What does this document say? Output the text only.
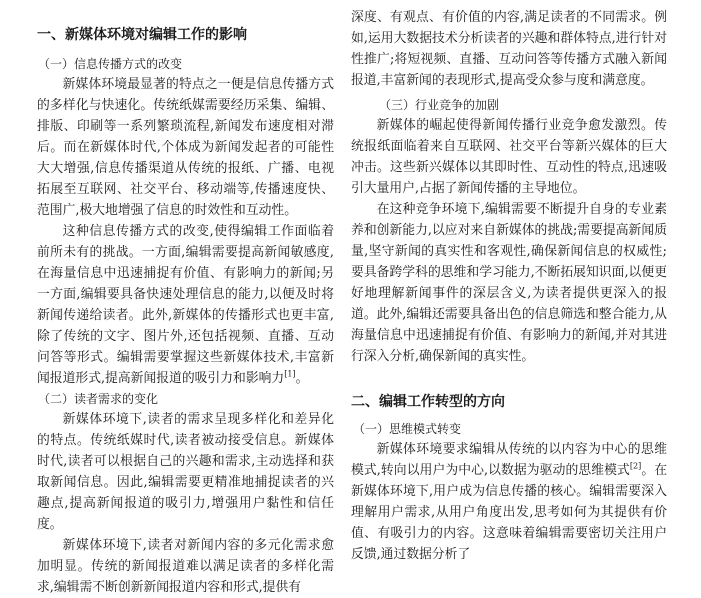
一、新媒体环境对编辑工作的影响
（一）信息传播方式的改变

新媒体环境最显著的特点之一便是信息传播方式的多样化与快速化。传统纸媒需要经历采集、编辑、排版、印刷等一系列繁琐流程,新闻发布速度相对滞后。而在新媒体时代,个体成为新闻发起者的可能性大大增强,信息传播渠道从传统的报纸、广播、电视拓展至互联网、社交平台、移动端等,传播速度快、范围广,极大地增强了信息的时效性和互动性。

这种信息传播方式的改变,使得编辑工作面临着前所未有的挑战。一方面,编辑需要提高新闻敏感度,在海量信息中迅速捕捉有价值、有影响力的新闻;另一方面,编辑要具备快速处理信息的能力,以便及时将新闻传递给读者。此外,新媒体的传播形式也更丰富,除了传统的文字、图片外,还包括视频、直播、互动问答等形式。编辑需要掌握这些新媒体技术,丰富新闻报道形式,提高新闻报道的吸引力和影响力[1]。

（二）读者需求的变化

新媒体环境下,读者的需求呈现多样化和差异化的特点。传统纸媒时代,读者被动接受信息。新媒体时代,读者可以根据自己的兴趣和需求,主动选择和获取新闻信息。因此,编辑需要更精准地捕捉读者的兴趣点,提高新闻报道的吸引力,增强用户黏性和信任度。

新媒体环境下,读者对新闻内容的多元化需求愈加明显。传统的新闻报道难以满足读者的多样化需求,编辑需不断创新新闻报道内容和形式,提供有

深度、有观点、有价值的内容,满足读者的不同需求。例如,运用大数据技术分析读者的兴趣和群体特点,进行针对性推广;将短视频、直播、互动问答等传播方式融入新闻报道,丰富新闻的表现形式,提高受众参与度和满意度。

（三）行业竞争的加剧

新媒体的崛起使得新闻传播行业竞争愈发激烈。传统报纸面临着来自互联网、社交平台等新兴媒体的巨大冲击。这些新兴媒体以其即时性、互动性的特点,迅速吸引大量用户,占据了新闻传播的主导地位。

在这种竞争环境下,编辑需要不断提升自身的专业素养和创新能力,以应对来自新媒体的挑战;需要提高新闻质量,坚守新闻的真实性和客观性,确保新闻信息的权威性;要具备跨学科的思维和学习能力,不断拓展知识面,以便更好地理解新闻事件的深层含义,为读者提供更深入的报道。此外,编辑还需要具备出色的信息筛选和整合能力,从海量信息中迅速捕捉有价值、有影响力的新闻,并对其进行深入分析,确保新闻的真实性。

二、编辑工作转型的方向
（一）思维模式转变

新媒体环境要求编辑从传统的以内容为中心的思维模式,转向以用户为中心,以数据为驱动的思维模式[2]。在新媒体环境下,用户成为信息传播的核心。编辑需要深入理解用户需求,从用户角度出发,思考如何为其提供有价值、有吸引力的内容。这意味着编辑需要密切关注用户反馈,通过数据分析了
